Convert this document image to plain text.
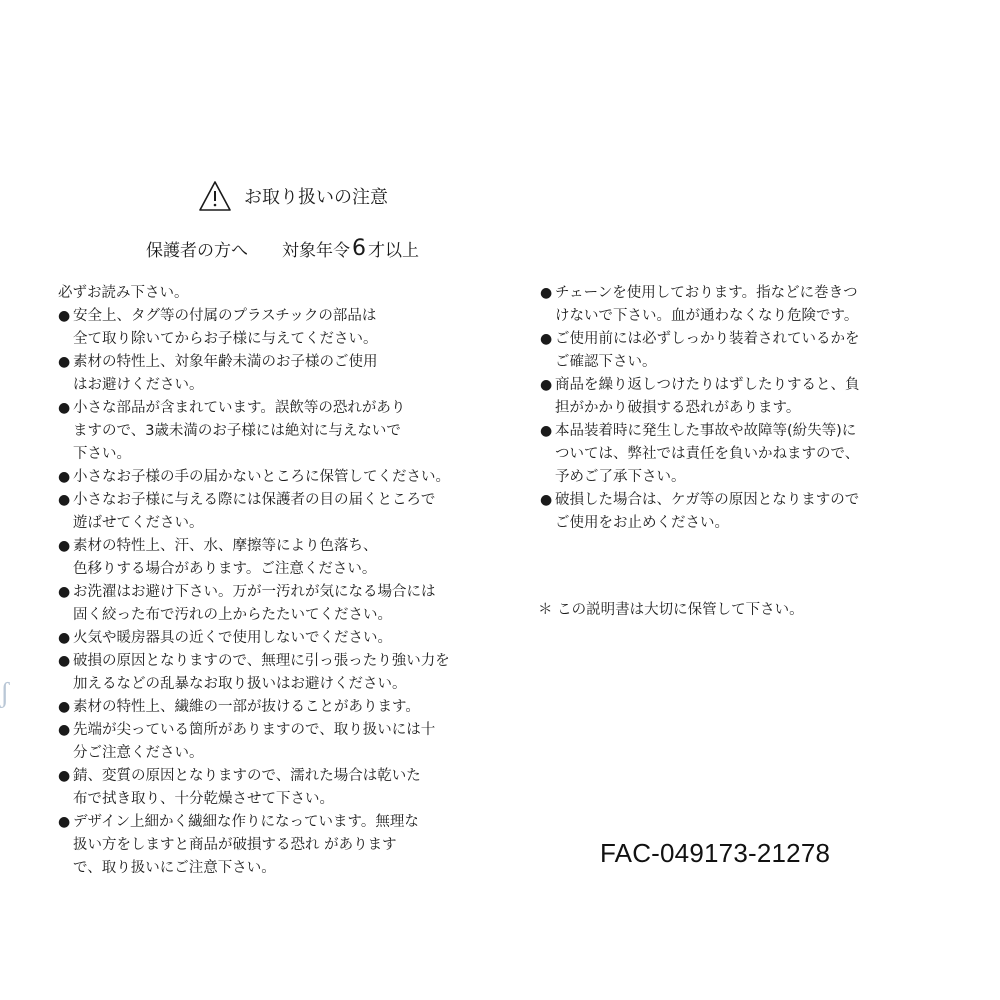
お取り扱いの注意
保護者の方へ 対象年令 6 才以上
必ずお読み下さい。
● 安全上、タグ等の付属のプラスチックの部品は
全て取り除いてからお子様に与えてください。
● 素材の特性上、対象年齢未満のお子様のご使用
はお避けください。
● 小さな部品が含まれています。誤飲等の恐れがあり
ますので、3歳未満のお子様には絶対に与えないで
下さい。
● 小さなお子様の手の届かないところに保管してください。
● 小さなお子様に与える際には保護者の目の届くところで
遊ばせてください。
● 素材の特性上、汗、水、摩擦等により色落ち、
色移りする場合があります。ご注意ください。
● お洗濯はお避け下さい。万が一汚れが気になる場合には
固く絞った布で汚れの上からたたいてください。
● 火気や暖房器具の近くで使用しないでください。
● 破損の原因となりますので、無理に引っ張ったり強い力を
加えるなどの乱暴なお取り扱いはお避けください。
● 素材の特性上、繊維の一部が抜けることがあります。
● 先端が尖っている箇所がありますので、取り扱いには十
分ご注意ください。
● 錆、変質の原因となりますので、濡れた場合は乾いた
布で拭き取り、十分乾燥させて下さい。
● デザイン上細かく繊細な作りになっています。無理な
扱い方をしますと商品が破損する恐れ があります
で、取り扱いにご注意下さい。
● チェーンを使用しております。指などに巻きつ
けないで下さい。血が通わなくなり危険です。
● ご使用前には必ずしっかり装着されているかを
ご確認下さい。
● 商品を繰り返しつけたりはずしたりすると、負
担がかかり破損する恐れがあります。
● 本品装着時に発生した事故や故障等(紛失等)に
ついては、弊社では責任を負いかねますので、
予めご了承下さい。
● 破損した場合は、ケガ等の原因となりますので
ご使用をお止めください。
＊ この説明書は大切に保管して下さい。
FAC-049173-21278
ʃ
